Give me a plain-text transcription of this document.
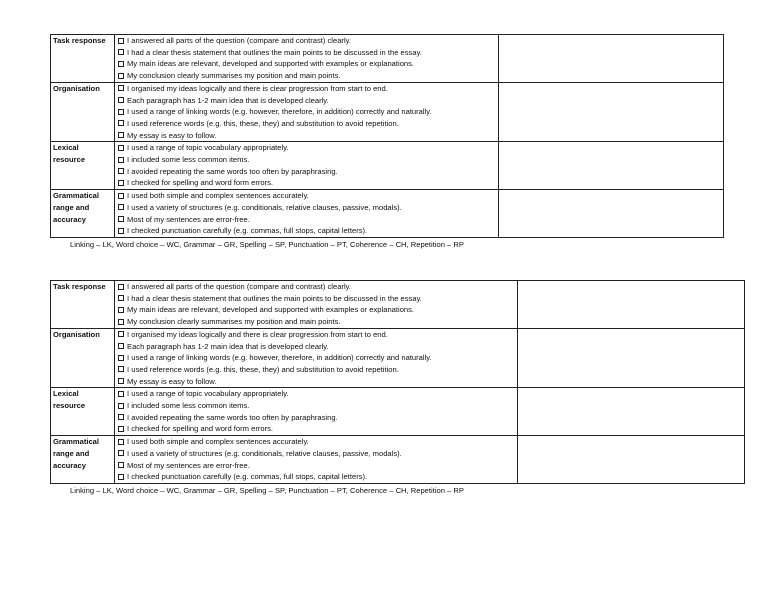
Task response	I answered all parts of the question (compare and contrast) clearly.
I had a clear thesis statement that outlines the main points to be discussed in the essay.
My main ideas are relevant, developed and supported with examples or explanations.
My conclusion clearly summarises my position and main points.	

Organisation	I organised my ideas logically and there is clear progression from start to end.
Each paragraph has 1-2 main idea that is developed clearly.
I used a range of linking words (e.g. however, therefore, in addition) correctly and naturally.
I used reference words (e.g. this, these, they) and substitution to avoid repetition.
My essay is easy to follow.	

Lexical resource	I used a range of topic vocabulary appropriately.
I included some less common items.
I avoided repeating the same words too often by paraphrasing.
I checked for spelling and word form errors.	

Grammatical range and accuracy	I used both simple and complex sentences accurately.
I used a variety of structures (e.g. conditionals, relative clauses, passive, modals).
Most of my sentences are error-free.
I checked punctuation carefully (e.g. commas, full stops, capital letters).	

Linking – LK, Word choice – WC, Grammar – GR, Spelling – SP, Punctuation – PT, Coherence – CH, Repetition – RP
Task response	I answered all parts of the question (compare and contrast) clearly.
I had a clear thesis statement that outlines the main points to be discussed in the essay.
My main ideas are relevant, developed and supported with examples or explanations.
My conclusion clearly summarises my position and main points.	

Organisation	I organised my ideas logically and there is clear progression from start to end.
Each paragraph has 1-2 main idea that is developed clearly.
I used a range of linking words (e.g. however, therefore, in addition) correctly and naturally.
I used reference words (e.g. this, these, they) and substitution to avoid repetition.
My essay is easy to follow.	

Lexical resource	I used a range of topic vocabulary appropriately.
I included some less common items.
I avoided repeating the same words too often by paraphrasing.
I checked for spelling and word form errors.	

Grammatical range and accuracy	I used both simple and complex sentences accurately.
I used a variety of structures (e.g. conditionals, relative clauses, passive, modals).
Most of my sentences are error-free.
I checked punctuation carefully (e.g. commas, full stops, capital letters).	

Linking – LK, Word choice – WC, Grammar – GR, Spelling – SP, Punctuation – PT, Coherence – CH, Repetition – RP
